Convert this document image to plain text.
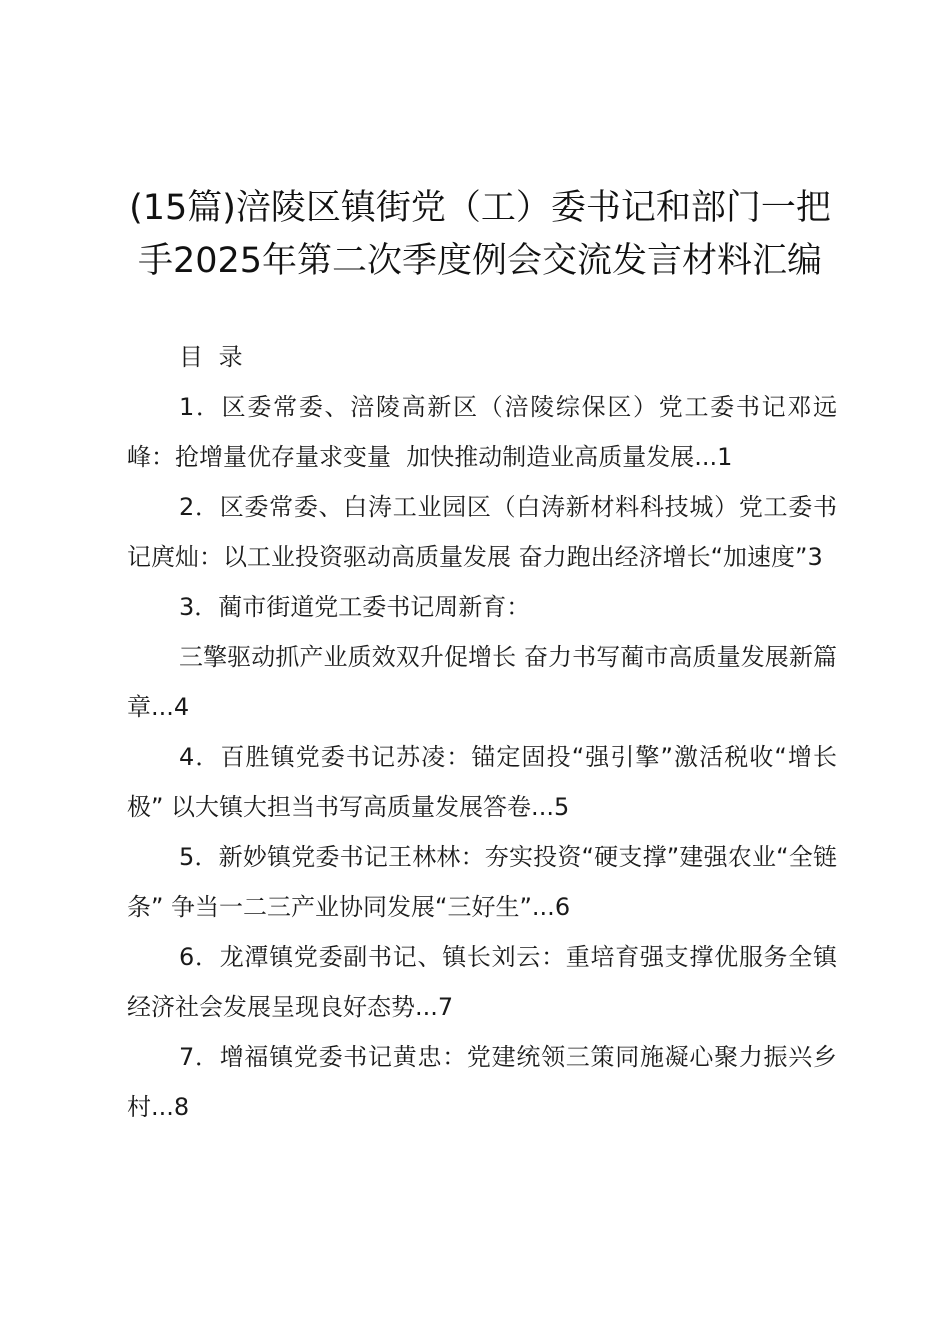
(15篇)涪陵区镇街党（工）委书记和部门一把手2025年第二次季度例会交流发言材料汇编

目 录

1．区委常委、涪陵高新区（涪陵综保区）党工委书记邓远峰：抢增量优存量求变量  加快推动制造业高质量发展...1

2．区委常委、白涛工业园区（白涛新材料科技城）党工委书记庹灿：以工业投资驱动高质量发展 奋力跑出经济增长“加速度”3

3．蔺市街道党工委书记周新育：

三擎驱动抓产业质效双升促增长 奋力书写蔺市高质量发展新篇章...4

4．百胜镇党委书记苏凌：锚定固投“强引擎”激活税收“增长极” 以大镇大担当书写高质量发展答卷...5

5．新妙镇党委书记王林林：夯实投资“硬支撑”建强农业“全链条” 争当一二三产业协同发展“三好生”...6

6．龙潭镇党委副书记、镇长刘云：重培育强支撑优服务全镇经济社会发展呈现良好态势...7

7．增福镇党委书记黄忠：党建统领三策同施凝心聚力振兴乡村...8
